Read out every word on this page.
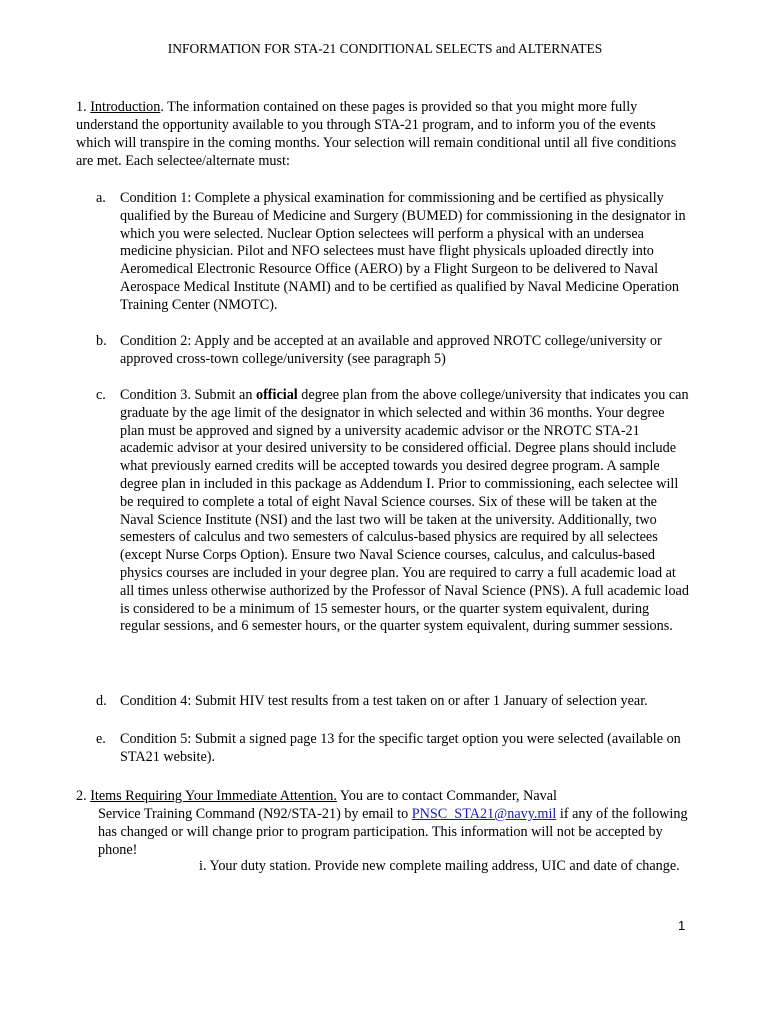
INFORMATION FOR STA-21 CONDITIONAL SELECTS and ALTERNATES

1. Introduction. The information contained on these pages is provided so that you might more fully understand the opportunity available to you through STA-21 program, and to inform you of the events which will transpire in the coming months. Your selection will remain conditional until all five conditions are met. Each selectee/alternate must:

a. Condition 1: Complete a physical examination for commissioning and be certified as physically qualified by the Bureau of Medicine and Surgery (BUMED) for commissioning in the designator in which you were selected. Nuclear Option selectees will perform a physical with an undersea medicine physician. Pilot and NFO selectees must have flight physicals uploaded directly into Aeromedical Electronic Resource Office (AERO) by a Flight Surgeon to be delivered to Naval Aerospace Medical Institute (NAMI) and to be certified as qualified by Naval Medicine Operation Training Center (NMOTC).
b. Condition 2: Apply and be accepted at an available and approved NROTC college/university or approved cross-town college/university (see paragraph 5)
c. Condition 3. Submit an official degree plan from the above college/university that indicates you can graduate by the age limit of the designator in which selected and within 36 months. Your degree plan must be approved and signed by a university academic advisor or the NROTC STA-21 academic advisor at your desired university to be considered official. Degree plans should include what previously earned credits will be accepted towards you desired degree program. A sample degree plan in included in this package as Addendum I. Prior to commissioning, each selectee will be required to complete a total of eight Naval Science courses. Six of these will be taken at the Naval Science Institute (NSI) and the last two will be taken at the university. Additionally, two semesters of calculus and two semesters of calculus-based physics are required by all selectees (except Nurse Corps Option). Ensure two Naval Science courses, calculus, and calculus-based physics courses are included in your degree plan. You are required to carry a full academic load at all times unless otherwise authorized by the Professor of Naval Science (PNS). A full academic load is considered to be a minimum of 15 semester hours, or the quarter system equivalent, during regular sessions, and 6 semester hours, or the quarter system equivalent, during summer sessions.
d. Condition 4: Submit HIV test results from a test taken on or after 1 January of selection year.
e. Condition 5: Submit a signed page 13 for the specific target option you were selected (available on STA21 website).
2. Items Requiring Your Immediate Attention. You are to contact Commander, Naval
Service Training Command (N92/STA-21) by email to PNSC_STA21@navy.mil if any of the following has changed or will change prior to program participation. This information will not be accepted by phone!
i. Your duty station. Provide new complete mailing address, UIC and date of change.
1
